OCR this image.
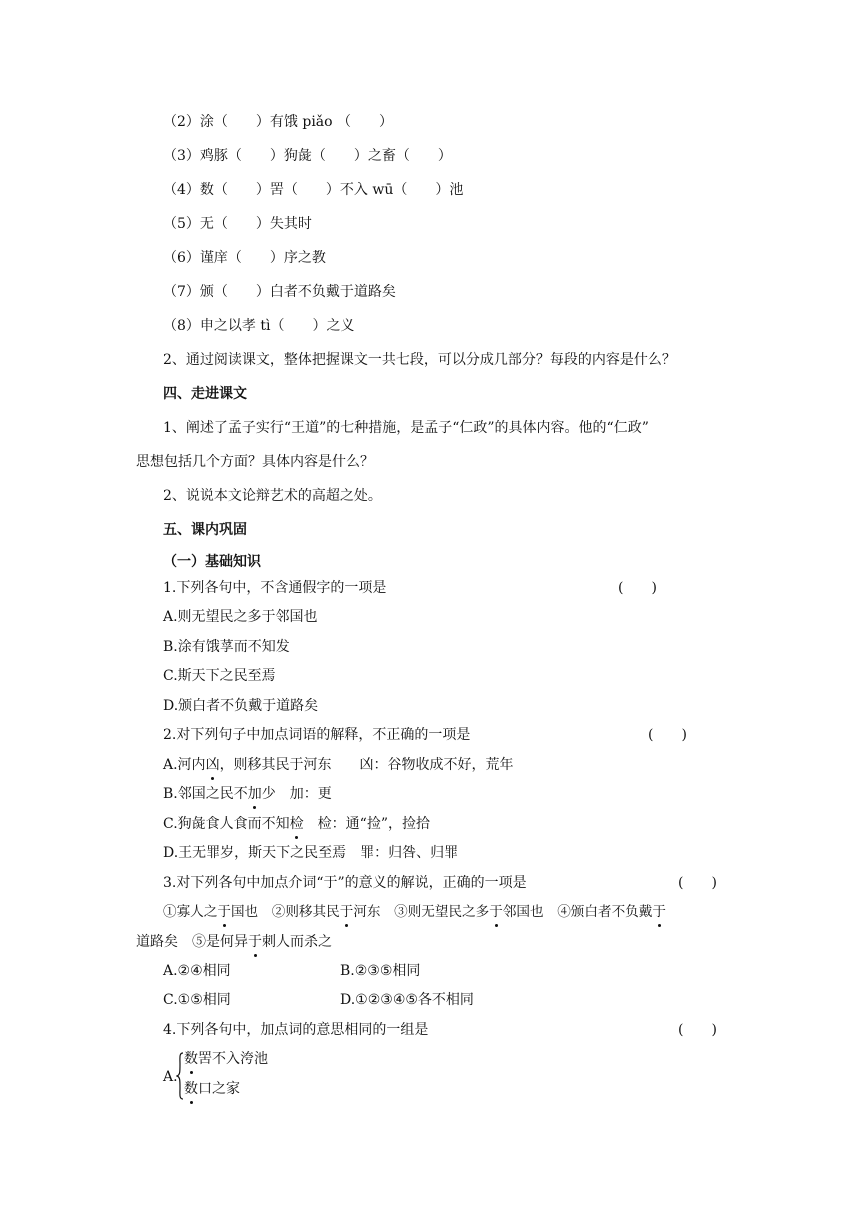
（2）涂（　　）有饿 piǎo （　　）
（3）鸡豚（　　）狗彘（　　）之畜（　　）
（4）数（　　）罟（　　）不入 wū（　　）池
（5）无（　　）失其时
（6）谨庠（　　）序之教
（7）颁（　　）白者不负戴于道路矣
（8）申之以孝 tì（　　）之义
2、通过阅读课文，整体把握课文一共七段，可以分成几部分？每段的内容是什么？
四、走进课文
1、阐述了孟子实行“王道”的七种措施，是孟子“仁政”的具体内容。他的“仁政”
思想包括几个方面？具体内容是什么？
2、说说本文论辩艺术的高超之处。
五、课内巩固
（一）基础知识
1.下列各句中，不含通假字的一项是	(　　)
A.则无望民之多于邻国也
B.涂有饿莩而不知发
C.斯天下之民至焉
D.颁白者不负戴于道路矣
2.对下列句子中加点词语的解释，不正确的一项是	(　　)
A.河内凶，则移其民于河东　　凶：谷物收成不好，荒年
B.邻国之民不加少　加：更
C.狗彘食人食而不知检　检：通“捡”，捡拾
D.王无罪岁，斯天下之民至焉　罪：归咎、归罪
3.对下列各句中加点介词“于”的意义的解说，正确的一项是	(　　)
①寡人之于国也　②则移其民于河东　③则无望民之多于邻国也　④颁白者不负戴于
道路矣　⑤是何异于刺人而杀之
A.②④相同	B.②③⑤相同
C.①⑤相同	D.①②③④⑤各不相同
4.下列各句中，加点词的意思相同的一组是	(　　)
A.
数罟不入洿池
数口之家
